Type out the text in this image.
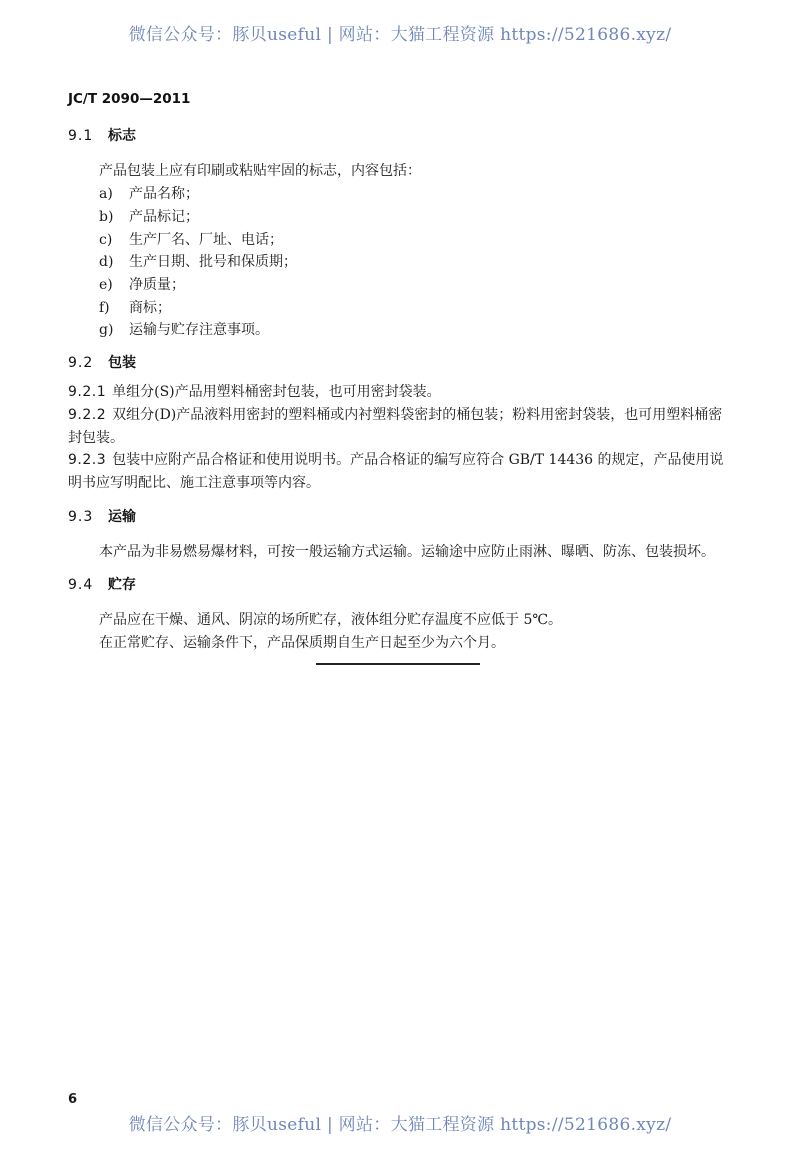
微信公众号：豚贝useful | 网站：大猫工程资源 https://521686.xyz/
JC/T 2090—2011
9.1 标志
产品包装上应有印刷或粘贴牢固的标志，内容包括：
a) 产品名称；
b) 产品标记；
c) 生产厂名、厂址、电话；
d) 生产日期、批号和保质期；
e) 净质量；
f) 商标；
g) 运输与贮存注意事项。
9.2 包装
9.2.1 单组分(S)产品用塑料桶密封包装，也可用密封袋装。
9.2.2 双组分(D)产品液料用密封的塑料桶或内衬塑料袋密封的桶包装；粉料用密封袋装，也可用塑料桶密封包装。
9.2.3 包装中应附产品合格证和使用说明书。产品合格证的编写应符合 GB/T 14436 的规定，产品使用说明书应写明配比、施工注意事项等内容。
9.3 运输
本产品为非易燃易爆材料，可按一般运输方式运输。运输途中应防止雨淋、曝晒、防冻、包装损坏。
9.4 贮存
产品应在干燥、通风、阴凉的场所贮存，液体组分贮存温度不应低于 5℃。
在正常贮存、运输条件下，产品保质期自生产日起至少为六个月。
6
微信公众号：豚贝useful | 网站：大猫工程资源 https://521686.xyz/
